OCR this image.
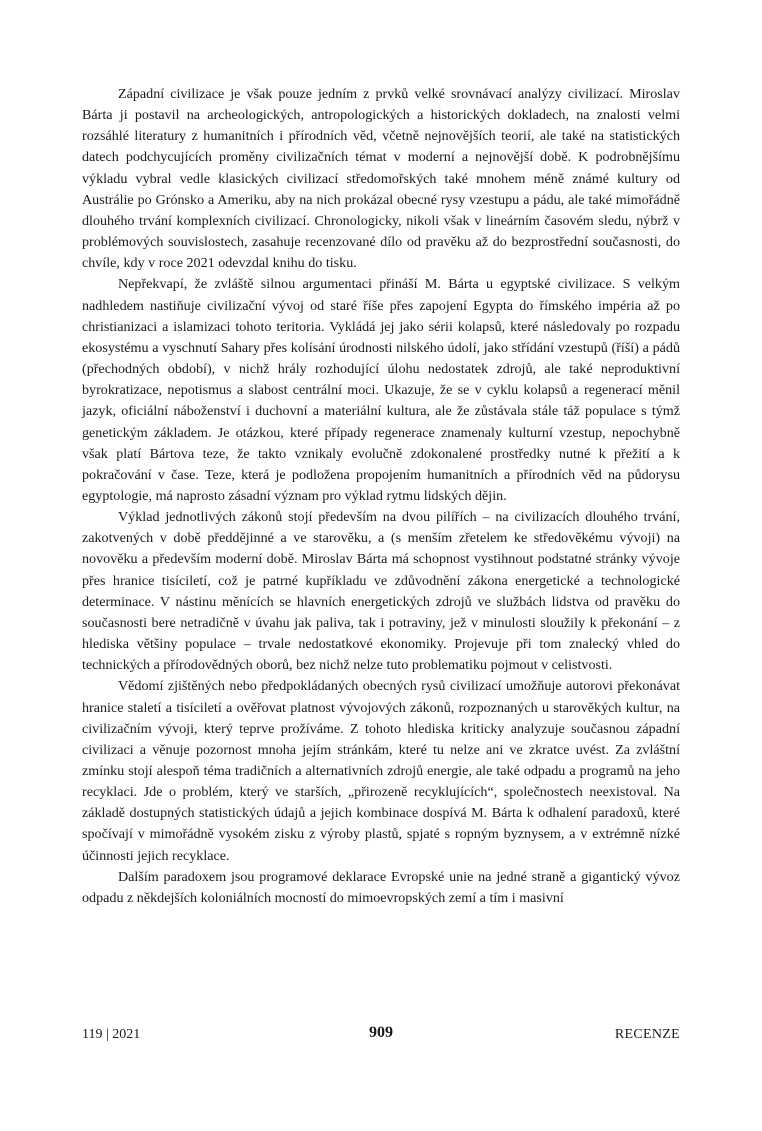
Západní civilizace je však pouze jedním z prvků velké srovnávací analýzy civilizací. Miroslav Bárta ji postavil na archeologických, antropologických a historických dokladech, na znalosti velmi rozsáhlé literatury z humanitních i přírodních věd, včetně nejnovějších teorií, ale také na statistických datech podchycujících proměny civilizačních témat v moderní a nejnovější době. K podrobnějšímu výkladu vybral vedle klasických civilizací středomořských také mnohem méně známé kultury od Austrálie po Grónsko a Ameriku, aby na nich prokázal obecné rysy vzestupu a pádu, ale také mimořádně dlouhého trvání komplexních civilizací. Chronologicky, nikoli však v lineárním časovém sledu, nýbrž v problémových souvislostech, zasahuje recenzované dílo od pravěku až do bezprostřední současnosti, do chvíle, kdy v roce 2021 odevzdal knihu do tisku.

Nepřekvapí, že zvláště silnou argumentaci přináší M. Bárta u egyptské civilizace. S velkým nadhledem nastiňuje civilizační vývoj od staré říše přes zapojení Egypta do římského impéria až po christianizaci a islamizaci tohoto teritoria. Vykládá jej jako sérii kolapsů, které následovaly po rozpadu ekosystému a vyschnutí Sahary přes kolísání úrodnosti nilského údolí, jako střídání vzestupů (říší) a pádů (přechodných období), v nichž hrály rozhodující úlohu nedostatek zdrojů, ale také neproduktivní byrokratizace, nepotismus a slabost centrální moci. Ukazuje, že se v cyklu kolapsů a regenerací měnil jazyk, oficiální náboženství i duchovní a materiální kultura, ale že zůstávala stále táž populace s týmž genetickým základem. Je otázkou, které případy regenerace znamenaly kulturní vzestup, nepochybně však platí Bártova teze, že takto vznikaly evolučně zdokonalené prostředky nutné k přežití a k pokračování v čase. Teze, která je podložena propojením humanitních a přírodních věd na půdorysu egyptologie, má naprosto zásadní význam pro výklad rytmu lidských dějin.

Výklad jednotlivých zákonů stojí především na dvou pilířích – na civilizacích dlouhého trvání, zakotvených v době předdějinné a ve starověku, a (s menším zřetelem ke středověkému vývoji) na novověku a především moderní době. Miroslav Bárta má schopnost vystihnout podstatné stránky vývoje přes hranice tisíciletí, což je patrné kupříkladu ve zdůvodnění zákona energetické a technologické determinace. V nástinu měnících se hlavních energetických zdrojů ve službách lidstva od pravěku do současnosti bere netradičně v úvahu jak paliva, tak i potraviny, jež v minulosti sloužily k překonání – z hlediska většiny populace – trvale nedostatkové ekonomiky. Projevuje při tom znalecký vhled do technických a přírodovědných oborů, bez nichž nelze tuto problematiku pojmout v celistvosti.

Vědomí zjištěných nebo předpokládaných obecných rysů civilizací umožňuje autorovi překonávat hranice staletí a tisíciletí a ověřovat platnost vývojových zákonů, rozpoznaných u starověkých kultur, na civilizačním vývoji, který teprve prožíváme. Z tohoto hlediska kriticky analyzuje současnou západní civilizaci a věnuje pozornost mnoha jejím stránkám, které tu nelze ani ve zkratce uvést. Za zvláštní zmínku stojí alespoň téma tradičních a alternativních zdrojů energie, ale také odpadu a programů na jeho recyklaci. Jde o problém, který ve starších, „přirozeně recyklujících“, společnostech neexistoval. Na základě dostupných statistických údajů a jejich kombinace dospívá M. Bárta k odhalení paradoxů, které spočívají v mimořádně vysokém zisku z výroby plastů, spjaté s ropným byznysem, a v extrémně nízké účinnosti jejich recyklace.

Dalším paradoxem jsou programové deklarace Evropské unie na jedné straně a gigantický vývoz odpadu z někdejších koloniálních mocností do mimoevropských zemí a tím i masivní

119 | 2021	909	RECENZE
